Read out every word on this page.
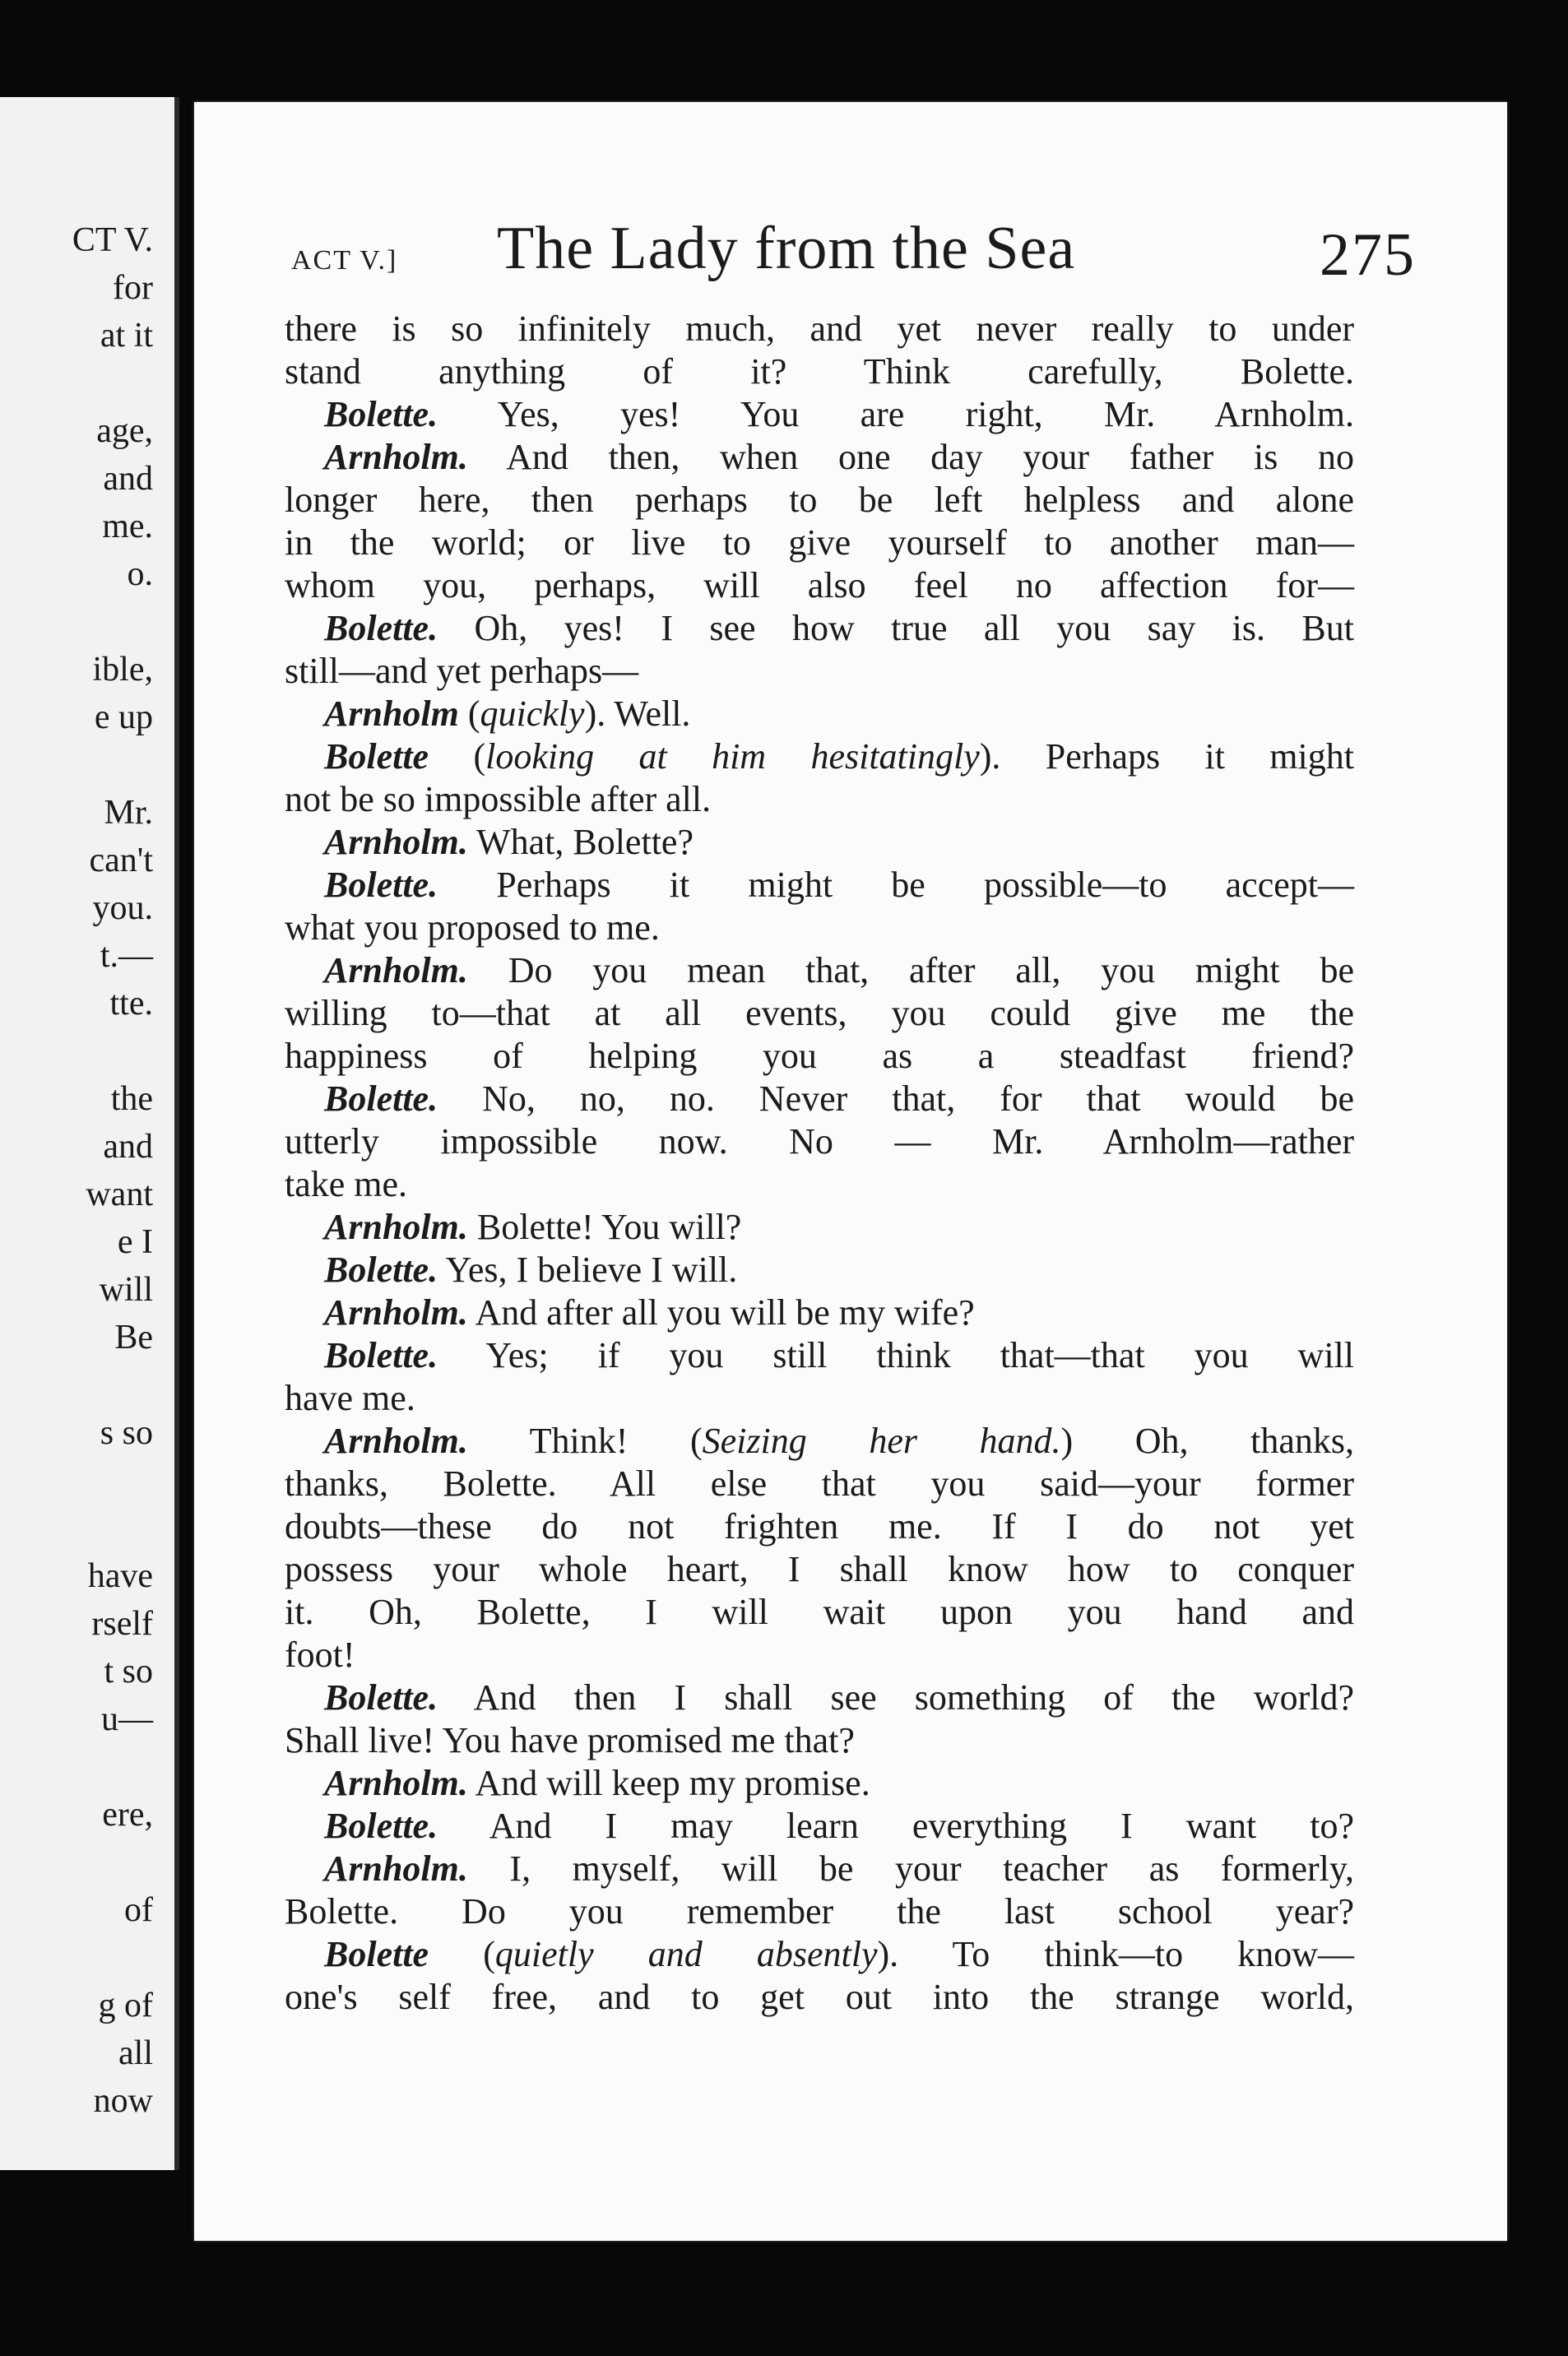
CT V.
for
at it
age,
and
me.
o.
ible,
e up
Mr.
can't
you.
t.—
tte.
the
and
want
e I
will
Be
s so
have
rself
t so
u—
ere,
of
g of
all
now
ACT V.] The Lady from the Sea	275
there is so infinitely much, and yet never really to under
stand anything of it? Think carefully, Bolette.
Bolette. Yes, yes! You are right, Mr. Arnholm.
Arnholm. And then, when one day your father is no
longer here, then perhaps to be left helpless and alone
in the world; or live to give yourself to another man—
whom you, perhaps, will also feel no affection for—
Bolette. Oh, yes! I see how true all you say is. But
still—and yet perhaps—
Arnholm (quickly). Well.
Bolette (looking at him hesitatingly). Perhaps it might
not be so impossible after all.
Arnholm. What, Bolette?
Bolette. Perhaps it might be possible—to accept—
what you proposed to me.
Arnholm. Do you mean that, after all, you might be
willing to—that at all events, you could give me the
happiness of helping you as a steadfast friend?
Bolette. No, no, no. Never that, for that would be
utterly impossible now. No — Mr. Arnholm—rather
take me.
Arnholm. Bolette! You will?
Bolette. Yes, I believe I will.
Arnholm. And after all you will be my wife?
Bolette. Yes; if you still think that—that you will
have me.
Arnholm. Think! (Seizing her hand.) Oh, thanks,
thanks, Bolette. All else that you said—your former
doubts—these do not frighten me. If I do not yet
possess your whole heart, I shall know how to conquer
it. Oh, Bolette, I will wait upon you hand and
foot!
Bolette. And then I shall see something of the world?
Shall live! You have promised me that?
Arnholm. And will keep my promise.
Bolette. And I may learn everything I want to?
Arnholm. I, myself, will be your teacher as formerly,
Bolette. Do you remember the last school year?
Bolette (quietly and absently). To think—to know—
one's self free, and to get out into the strange world,
